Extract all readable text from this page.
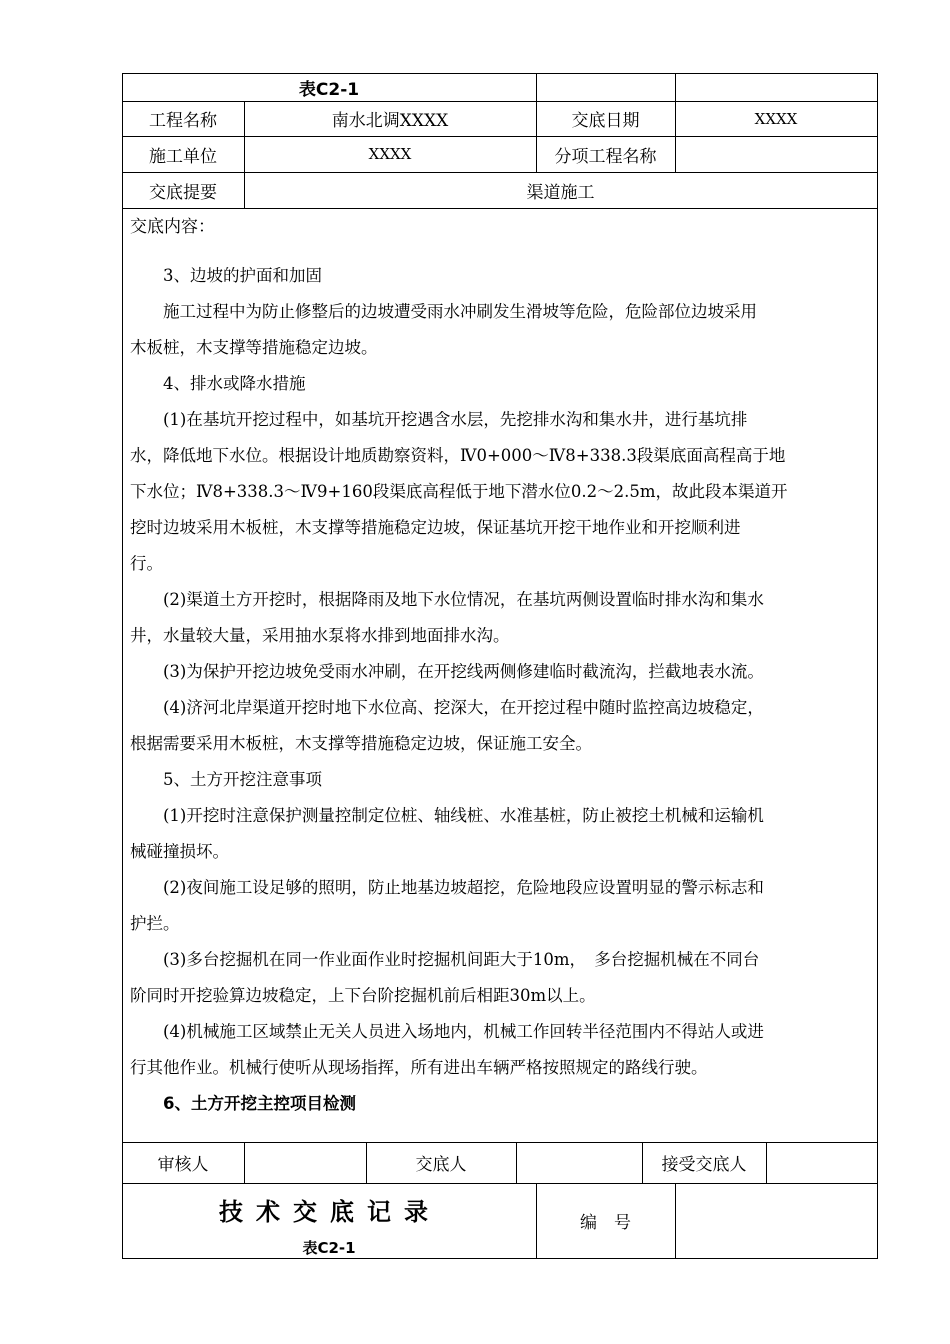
表C2-1
工程名称	南水北调XXXX	交底日期	XXXX
施工单位	XXXX	分项工程名称
交底提要	渠道施工
交底内容：
　　3、边坡的护面和加固
　　施工过程中为防止修整后的边坡遭受雨水冲刷发生滑坡等危险，危险部位边坡采用
木板桩，木支撑等措施稳定边坡。
　　4、排水或降水措施
　　(1)在基坑开挖过程中，如基坑开挖遇含水层，先挖排水沟和集水井，进行基坑排
水，降低地下水位。根据设计地质勘察资料，Ⅳ0+000～Ⅳ8+338.3段渠底面高程高于地
下水位；Ⅳ8+338.3～Ⅳ9+160段渠底高程低于地下潜水位0.2～2.5m，故此段本渠道开
挖时边坡采用木板桩，木支撑等措施稳定边坡，保证基坑开挖干地作业和开挖顺利进
行。
　　(2)渠道土方开挖时，根据降雨及地下水位情况，在基坑两侧设置临时排水沟和集水
井，水量较大量，采用抽水泵将水排到地面排水沟。
　　(3)为保护开挖边坡免受雨水冲刷，在开挖线两侧修建临时截流沟，拦截地表水流。
　　(4)济河北岸渠道开挖时地下水位高、挖深大，在开挖过程中随时监控高边坡稳定，
根据需要采用木板桩，木支撑等措施稳定边坡，保证施工安全。
　　5、土方开挖注意事项
　　(1)开挖时注意保护测量控制定位桩、轴线桩、水准基桩，防止被挖土机械和运输机
械碰撞损坏。
　　(2)夜间施工设足够的照明，防止地基边坡超挖，危险地段应设置明显的警示标志和
护拦。
　　(3)多台挖掘机在同一作业面作业时挖掘机间距大于10m，　多台挖掘机械在不同台
阶同时开挖验算边坡稳定，上下台阶挖掘机前后相距30m以上。
　　(4)机械施工区域禁止无关人员进入场地内，机械工作回转半径范围内不得站人或进
行其他作业。机械行使听从现场指挥，所有进出车辆严格按照规定的路线行驶。
　　6、土方开挖主控项目检测
审核人	交底人	接受交底人
技术交底记录
表C2-1
编　号
